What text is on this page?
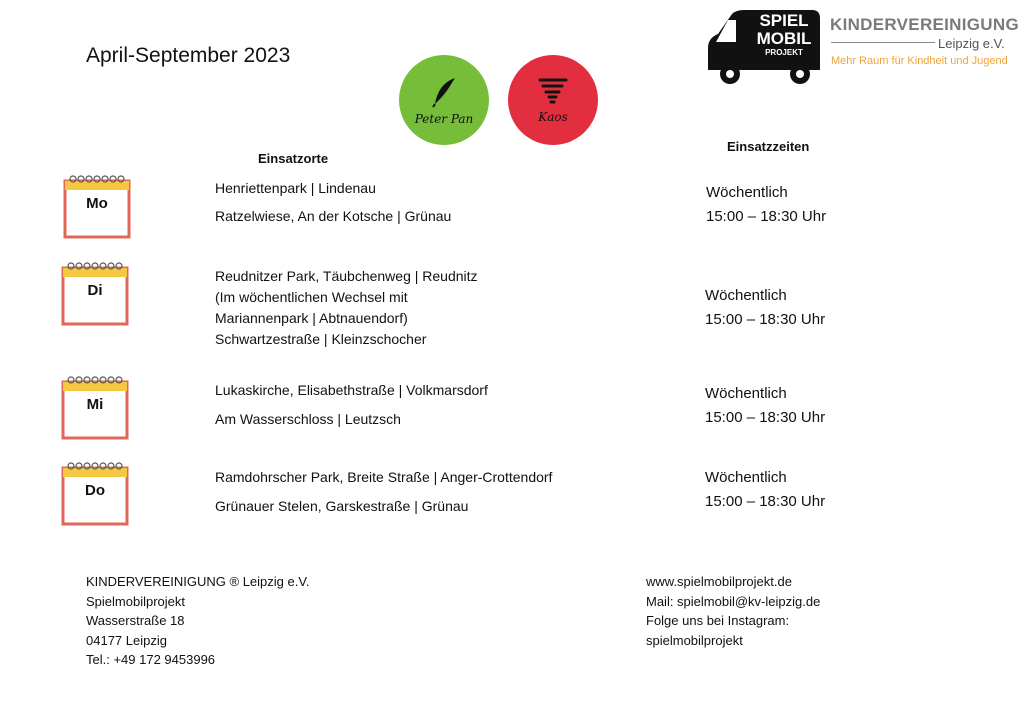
April-September 2023
Peter Pan	Kaos
SPIEL
MOBIL
PROJEKT
KINDERVEREINIGUNG
Leipzig e.V.
Mehr Raum für Kindheit und Jugend
Einsatzorte
Einsatzzeiten
Mo
Henriettenpark | Lindenau
Ratzelwiese, An der Kotsche | Grünau
Wöchentlich
15:00 – 18:30 Uhr
Di
Reudnitzer Park, Täubchenweg | Reudnitz
(Im wöchentlichen Wechsel mit
Mariannenpark | Abtnauendorf)
Schwartzestraße | Kleinzschocher
Wöchentlich
15:00 – 18:30 Uhr
Mi
Lukaskirche, Elisabethstraße | Volkmarsdorf
Am Wasserschloss | Leutzsch
Wöchentlich
15:00 – 18:30 Uhr
Do
Ramdohrscher Park, Breite Straße | Anger-Crottendorf
Grünauer Stelen, Garskestraße | Grünau
Wöchentlich
15:00 – 18:30 Uhr
KINDERVEREINIGUNG ® Leipzig e.V.
Spielmobilprojekt
Wasserstraße 18
04177 Leipzig
Tel.: +49 172 9453996
www.spielmobilprojekt.de
Mail: spielmobil@kv-leipzig.de
Folge uns bei Instagram:
spielmobilprojekt
